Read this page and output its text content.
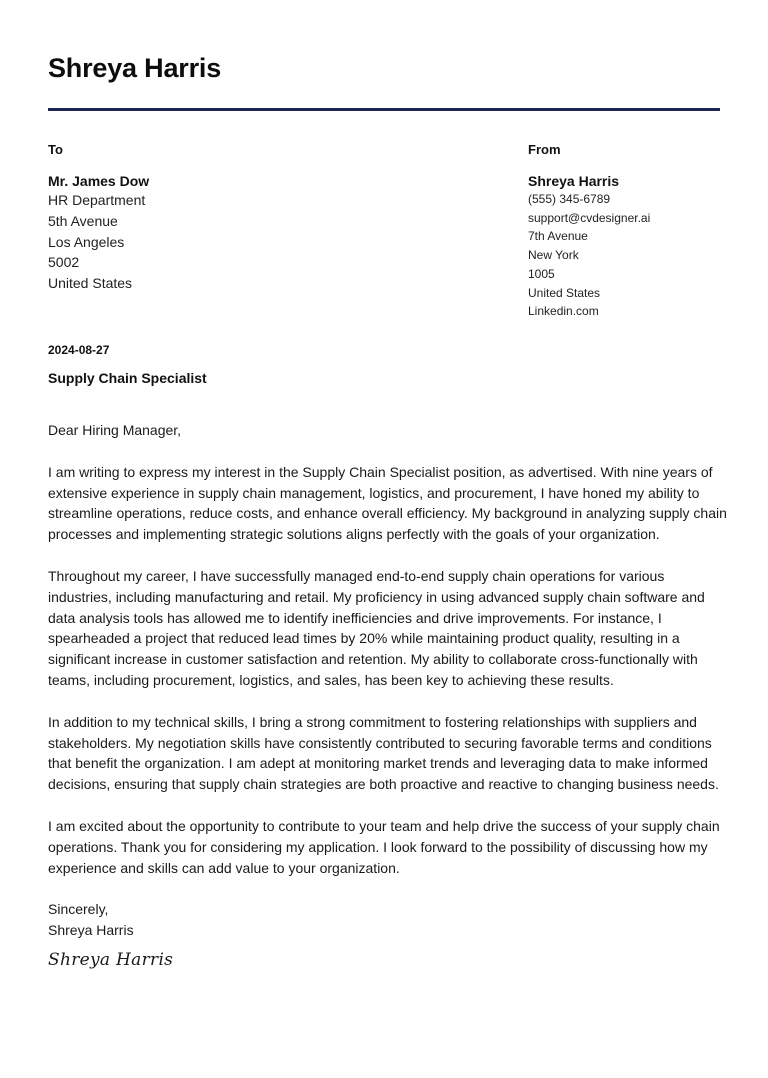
Shreya Harris
To
Mr. James Dow
HR Department
5th Avenue
Los Angeles
5002
United States
From
Shreya Harris
(555) 345-6789
support@cvdesigner.ai
7th Avenue
New York
1005
United States
Linkedin.com
2024-08-27
Supply Chain Specialist

Dear Hiring Manager,

I am writing to express my interest in the Supply Chain Specialist position, as advertised. With nine years of extensive experience in supply chain management, logistics, and procurement, I have honed my ability to streamline operations, reduce costs, and enhance overall efficiency. My background in analyzing supply chain processes and implementing strategic solutions aligns perfectly with the goals of your organization.

Throughout my career, I have successfully managed end-to-end supply chain operations for various industries, including manufacturing and retail. My proficiency in using advanced supply chain software and data analysis tools has allowed me to identify inefficiencies and drive improvements. For instance, I spearheaded a project that reduced lead times by 20% while maintaining product quality, resulting in a significant increase in customer satisfaction and retention. My ability to collaborate cross-functionally with teams, including procurement, logistics, and sales, has been key to achieving these results.

In addition to my technical skills, I bring a strong commitment to fostering relationships with suppliers and stakeholders. My negotiation skills have consistently contributed to securing favorable terms and conditions that benefit the organization. I am adept at monitoring market trends and leveraging data to make informed decisions, ensuring that supply chain strategies are both proactive and reactive to changing business needs.

I am excited about the opportunity to contribute to your team and help drive the success of your supply chain operations. Thank you for considering my application. I look forward to the possibility of discussing how my experience and skills can add value to your organization.

Sincerely,
Shreya Harris
Shreya Harris
